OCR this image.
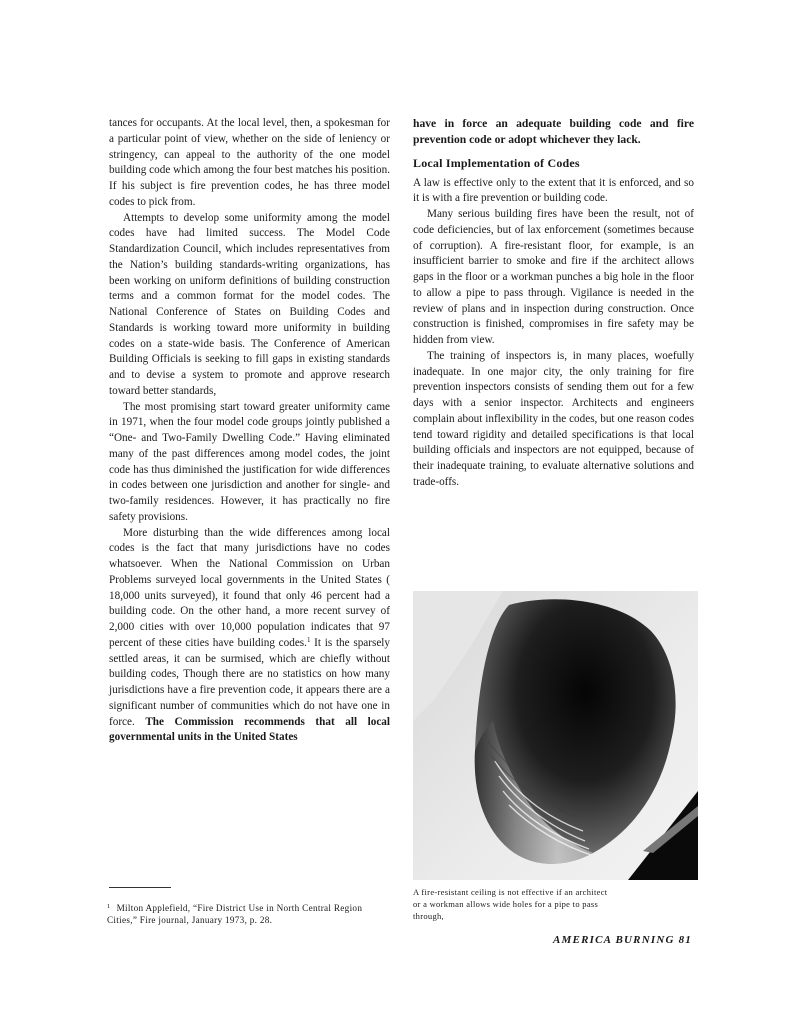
tances for occupants. At the local level, then, a spokesman for a particular point of view, whether on the side of leniency or stringency, can appeal to the authority of the one model building code which among the four best matches his position. If his subject is fire prevention codes, he has three model codes to pick from.

Attempts to develop some uniformity among the model codes have had limited success. The Model Code Standardization Council, which includes representatives from the Nation’s building standards-writing organizations, has been working on uniform definitions of building construction terms and a common format for the model codes. The National Conference of States on Building Codes and Standards is working toward more uniformity in building codes on a state-wide basis. The Conference of American Building Officials is seeking to fill gaps in existing standards and to devise a system to promote and approve research toward better standards,

The most promising start toward greater uniformity came in 1971, when the four model code groups jointly published a “One- and Two-Family Dwelling Code.” Having eliminated many of the past differences among model codes, the joint code has thus diminished the justification for wide differences in codes between one jurisdiction and another for single- and two-family residences. However, it has practically no fire safety provisions.

More disturbing than the wide differences among local codes is the fact that many jurisdictions have no codes whatsoever. When the National Commission on Urban Problems surveyed local governments in the United States ( 18,000 units surveyed), it found that only 46 percent had a building code. On the other hand, a more recent survey of 2,000 cities with over 10,000 population indicates that 97 percent of these cities have building codes.$^1$ It is the sparsely settled areas, it can be surmised, which are chiefly without building codes, Though there are no statistics on how many jurisdictions have a fire prevention code, it appears there are a significant number of communities which do not have one in force. The Commission recommends that all local governmental units in the United States

have in force an adequate building code and fire prevention code or adopt whichever they lack.

Local Implementation of Codes

A law is effective only to the extent that it is enforced, and so it is with a fire prevention or building code.

Many serious building fires have been the result, not of code deficiencies, but of lax enforcement (sometimes because of corruption). A fire-resistant floor, for example, is an insufficient barrier to smoke and fire if the architect allows gaps in the floor or a workman punches a big hole in the floor to allow a pipe to pass through. Vigilance is needed in the review of plans and in inspection during construction. Once construction is finished, compromises in fire safety may be hidden from view.

The training of inspectors is, in many places, woefully inadequate. In one major city, the only training for fire prevention inspectors consists of sending them out for a few days with a senior inspector. Architects and engineers complain about inflexibility in the codes, but one reason codes tend toward rigidity and detailed specifications is that local building officials and inspectors are not equipped, because of their inadequate training, to evaluate alternative solutions and trade-offs.

A fire-resistant ceiling is not effective if an architect or a workman allows wide holes for a pipe to pass through,
$^1$ Milton Applefield, “Fire District Use in North Central Region Cities,” Fire journal, January 1973, p. 28.
AMERICA BURNING 81
